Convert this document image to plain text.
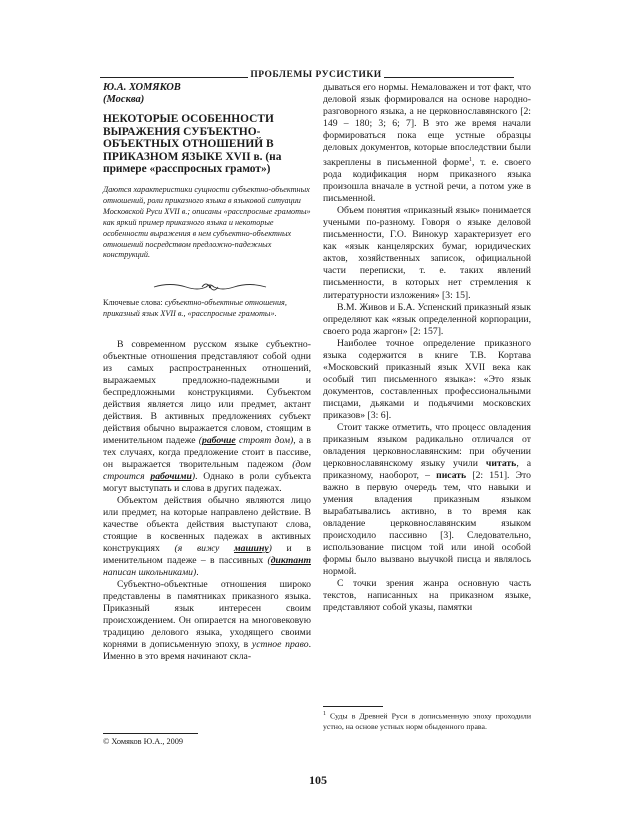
ПРОБЛЕМЫ РУСИСТИКИ
Ю.А. ХОМЯКОВ
(Москва)
НЕКОТОРЫЕ ОСОБЕННОСТИ ВЫРАЖЕНИЯ СУБЪЕКТНО-ОБЪЕКТНЫХ ОТНОШЕНИЙ В ПРИКАЗНОМ ЯЗЫКЕ XVII в. (на примере «расспросных грамот»)
Даются характеристики сущности субъектно-объектных отношений, роли приказного языка в языковой ситуации Московской Руси XVII в.; описаны «расспросные грамоты» как яркий пример приказного языка и некоторые особенности выражения в нем субъектно-объектных отношений посредством предложно-падежных конструкций.
Ключевые слова: субъектно-объектные отношения, приказный язык XVII в., «расспросные грамоты».

В современном русском языке субъектно-объектные отношения представляют собой одни из самых распространенных отношений, выражаемых предложно-падежными и беспредложными конструкциями. Субъектом действия является лицо или предмет, актант действия. В активных предложениях субъект действия обычно выражается словом, стоящим в именительном падеже (рабочие строят дом), а в тех случаях, когда предложение стоит в пассиве, он выражается творительным падежом (дом строится рабочими). Однако в роли субъекта могут выступать и слова в других падежах.

Объектом действия обычно являются лицо или предмет, на которые направлено действие. В качестве объекта действия выступают слова, стоящие в косвенных падежах в активных конструкциях (я вижу машину) и в именительном падеже – в пассивных (диктант написан школьниками).

Субъектно-объектные отношения широко представлены в памятниках приказного языка. Приказный язык интересен своим происхождением. Он опирается на многовековую традицию делового языка, уходящего своими корнями в дописьменную эпоху, в устное право. Именно в это время начинают скла-

дываться его нормы. Немаловажен и тот факт, что деловой язык формировался на основе народно-разговорного языка, а не церковнославянского [2: 149 – 180; 3; 6; 7]. В это же время начали формироваться пока еще устные образцы деловых документов, которые впоследствии были закреплены в письменной форме$^1$, т. е. своего рода кодификация норм приказного языка произошла вначале в устной речи, а потом уже в письменной.

Объем понятия «приказный язык» понимается учеными по-разному. Говоря о языке деловой письменности, Г.О. Винокур характеризует его как «язык канцелярских бумаг, юридических актов, хозяйственных записок, официальной части переписки, т. е. таких явлений письменности, в которых нет стремления к литературности изложения» [3: 15].

В.М. Живов и Б.А. Успенский приказный язык определяют как «язык определенной корпорации, своего рода жаргон» [2: 157].

Наиболее точное определение приказного языка содержится в книге Т.В. Кортава «Московский приказный язык XVII века как особый тип письменного языка»: «Это язык документов, составленных профессиональными писцами, дьяками и подьячими московских приказов» [3: 6].

Стоит также отметить, что процесс овладения приказным языком радикально отличался от овладения церковнославянским: при обучении церковнославянскому языку учили читать, а приказному, наоборот, – писать [2: 151]. Это важно в первую очередь тем, что навыки и умения владения приказным языком вырабатывались активно, в то время как овладение церковнославянским языком происходило пассивно [3]. Следовательно, использование писцом той или иной особой формы было вызвано выучкой писца и являлось нормой.

С точки зрения жанра основную часть текстов, написанных на приказном языке, представляют собой указы, памятки

$^1$ Суды в Древней Руси в дописьменную эпоху проходили устно, на основе устных норм обыденного права.
© Хомяков Ю.А., 2009
105
